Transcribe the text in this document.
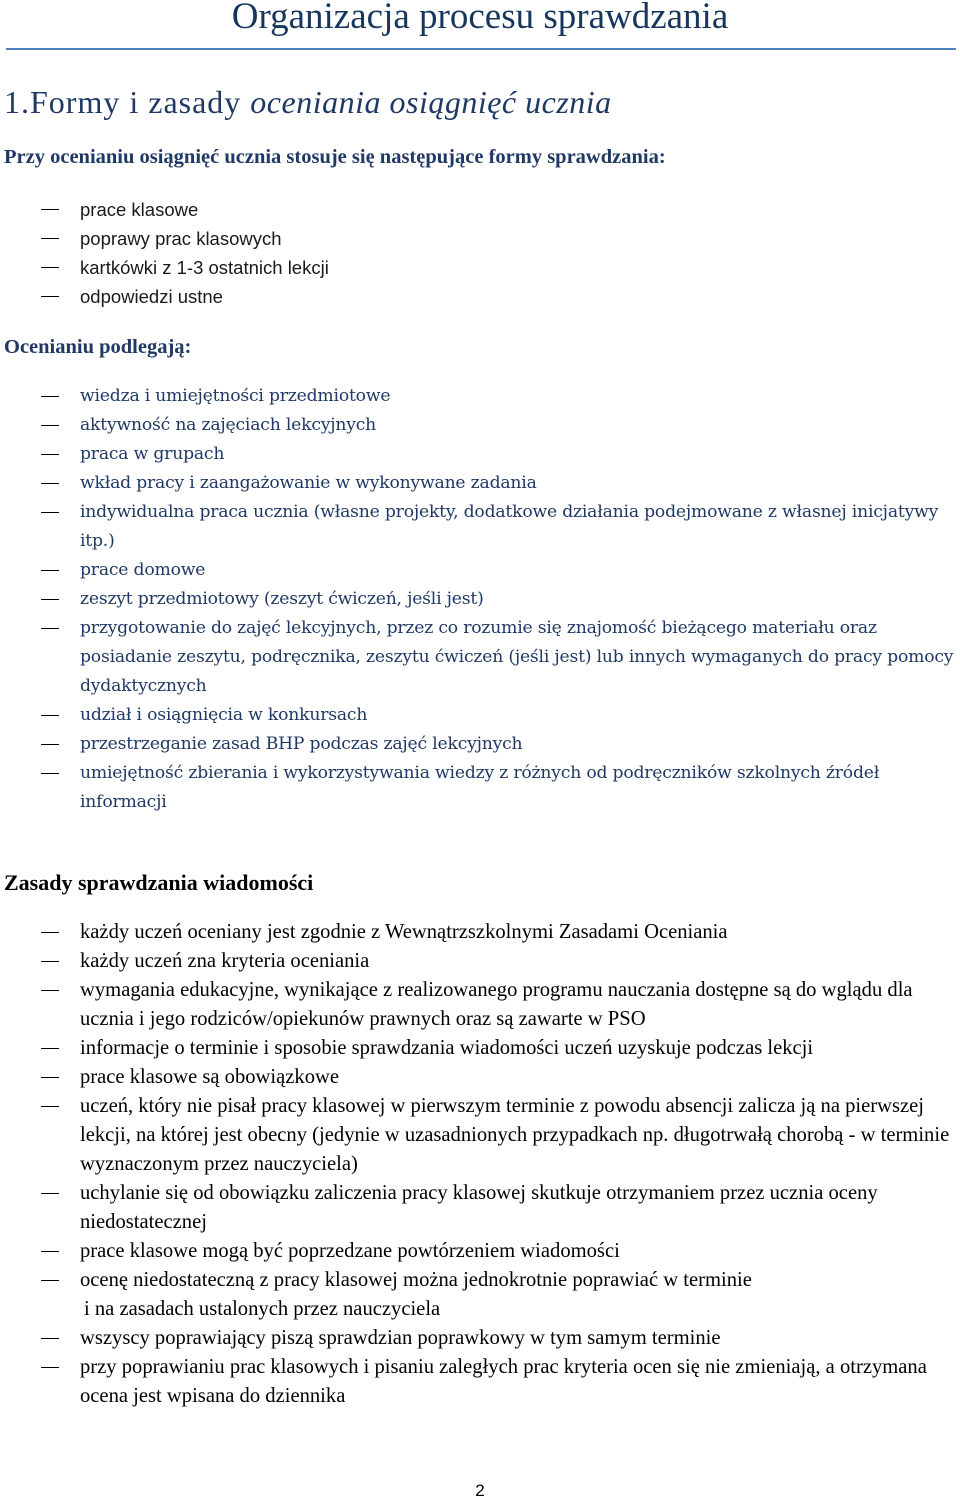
Organizacja procesu sprawdzania
1.Formy i zasady oceniania osiągnięć ucznia
Przy ocenianiu osiągnięć ucznia stosuje się następujące formy sprawdzania:
prace klasowe
poprawy prac klasowych
kartkówki z 1-3 ostatnich lekcji
odpowiedzi ustne
Ocenianiu podlegają:
wiedza i umiejętności przedmiotowe
aktywność na zajęciach lekcyjnych
praca w grupach
wkład pracy i zaangażowanie w wykonywane zadania
indywidualna praca ucznia (własne projekty, dodatkowe działania podejmowane z własnej inicjatywy itp.)
prace domowe
zeszyt przedmiotowy (zeszyt ćwiczeń, jeśli jest)
przygotowanie do zajęć lekcyjnych, przez co rozumie się znajomość bieżącego materiału oraz posiadanie zeszytu, podręcznika, zeszytu ćwiczeń (jeśli jest) lub innych wymaganych do pracy pomocy dydaktycznych
udział i osiągnięcia w konkursach
przestrzeganie zasad BHP podczas zajęć lekcyjnych
umiejętność zbierania i wykorzystywania wiedzy z różnych od podręczników szkolnych źródeł informacji
Zasady sprawdzania wiadomości
każdy uczeń oceniany jest zgodnie z Wewnątrzszkolnymi Zasadami Oceniania
każdy uczeń zna kryteria oceniania
wymagania edukacyjne, wynikające z realizowanego programu nauczania dostępne są do wglądu dla ucznia i jego rodziców/opiekunów prawnych oraz są zawarte w PSO
informacje o terminie i sposobie sprawdzania wiadomości uczeń uzyskuje podczas lekcji
prace klasowe są obowiązkowe
uczeń, który nie pisał pracy klasowej w pierwszym terminie z powodu absencji zalicza ją na pierwszej lekcji, na której jest obecny (jedynie w uzasadnionych przypadkach np. długotrwałą chorobą - w terminie wyznaczonym przez nauczyciela)
uchylanie się od obowiązku zaliczenia pracy klasowej skutkuje otrzymaniem przez ucznia oceny niedostatecznej
prace klasowe mogą być poprzedzane powtórzeniem wiadomości
ocenę niedostateczną z pracy klasowej można jednokrotnie poprawiać w terminie
i na zasadach ustalonych przez nauczyciela
wszyscy poprawiający piszą sprawdzian poprawkowy w tym samym terminie
przy poprawianiu prac klasowych i pisaniu zaległych prac kryteria ocen się nie zmieniają, a otrzymana ocena jest wpisana do dziennika
2
